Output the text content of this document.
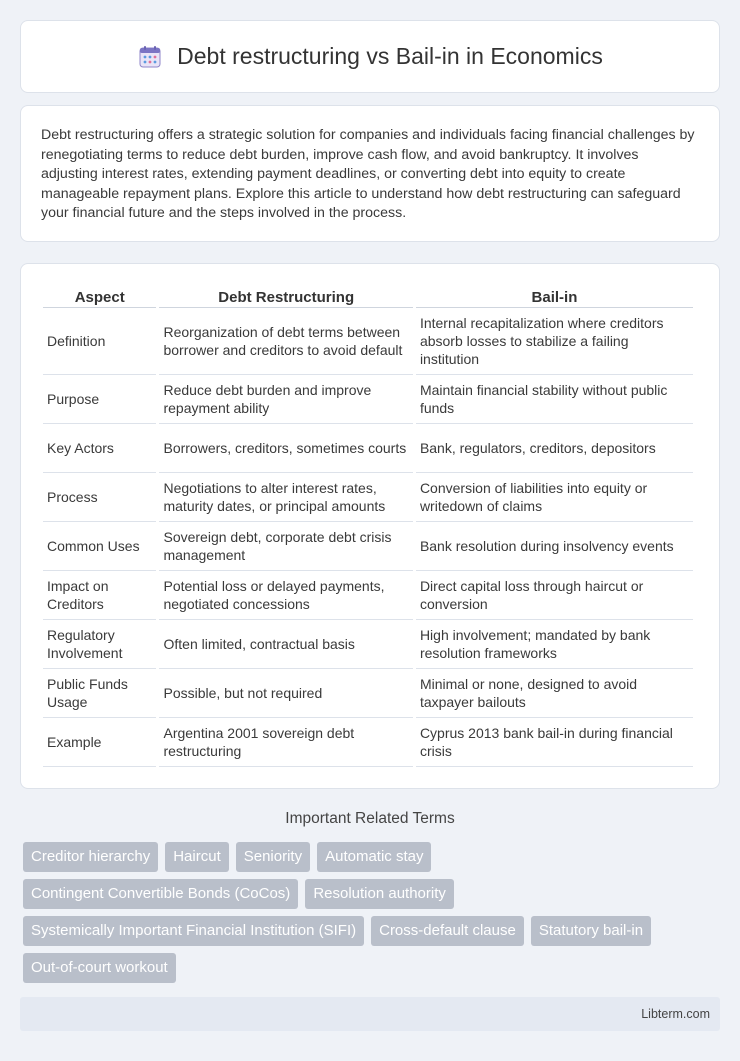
Debt restructuring vs Bail-in in Economics

Debt restructuring offers a strategic solution for companies and individuals facing financial challenges by renegotiating terms to reduce debt burden, improve cash flow, and avoid bankruptcy. It involves adjusting interest rates, extending payment deadlines, or converting debt into equity to create manageable repayment plans. Explore this article to understand how debt restructuring can safeguard your financial future and the steps involved in the process.

Aspect	Debt Restructuring	Bail-in
Definition	Reorganization of debt terms between borrower and creditors to avoid default	Internal recapitalization where creditors absorb losses to stabilize a failing institution
Purpose	Reduce debt burden and improve repayment ability	Maintain financial stability without public funds
Key Actors	Borrowers, creditors, sometimes courts	Bank, regulators, creditors, depositors
Process	Negotiations to alter interest rates, maturity dates, or principal amounts	Conversion of liabilities into equity or writedown of claims
Common Uses	Sovereign debt, corporate debt crisis management	Bank resolution during insolvency events
Impact on Creditors	Potential loss or delayed payments, negotiated concessions	Direct capital loss through haircut or conversion
Regulatory Involvement	Often limited, contractual basis	High involvement; mandated by bank resolution frameworks
Public Funds Usage	Possible, but not required	Minimal or none, designed to avoid taxpayer bailouts
Example	Argentina 2001 sovereign debt restructuring	Cyprus 2013 bank bail-in during financial crisis
Important Related Terms
Creditor hierarchy	Haircut	Seniority	Automatic stay
Contingent Convertible Bonds (CoCos)	Resolution authority
Systemically Important Financial Institution (SIFI)	Cross-default clause	Statutory bail-in
Out-of-court workout
Libterm.com
